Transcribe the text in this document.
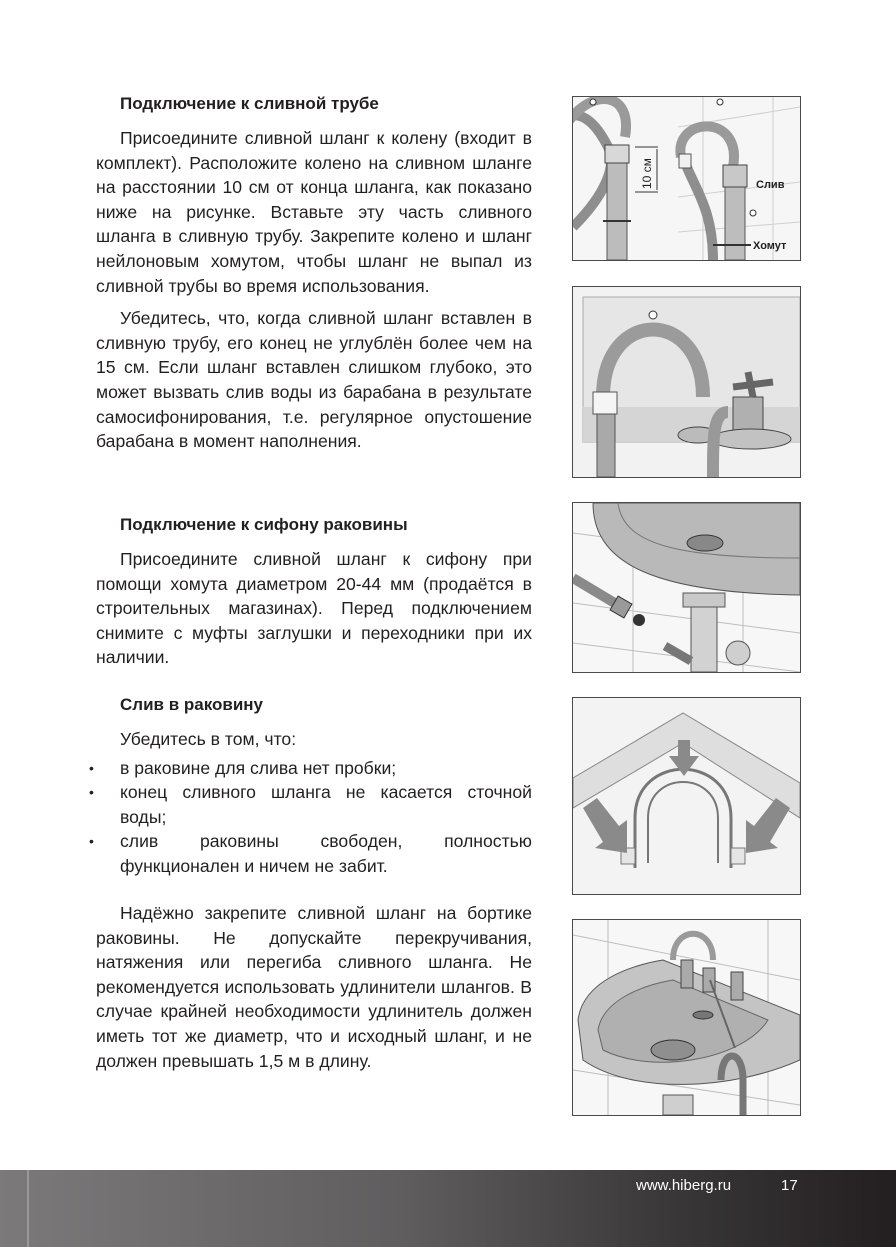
Подключение к сливной трубе

Присоедините сливной шланг к колену (входит в комплект). Расположите колено на сливном шланге на расстоянии 10 см от конца шланга, как показано ниже на рисунке. Вставьте эту часть сливного шланга в сливную трубу. Закрепите колено и шланг нейлоновым хомутом, чтобы шланг не выпал из сливной трубы во время использования.

Убедитесь, что, когда сливной шланг вставлен в сливную трубу, его конец не углублён более чем на 15 см. Если шланг вставлен слишком глубоко, это может вызвать слив воды из барабана в результате самосифонирования, т.е. регулярное опустошение барабана в момент наполнения.

Подключение к сифону раковины

Присоедините сливной шланг к сифону при помощи хомута диаметром 20-44 мм (продаётся в строительных магазинах). Перед подключением снимите с муфты заглушки и переходники при их наличии.

Слив в раковину

Убедитесь в том, что:

• в раковине для слива нет пробки;
• конец сливного шланга не касается сточной воды;
• слив раковины свободен, полностью функционален и ничем не забит.

Надёжно закрепите сливной шланг на бортике раковины. Не допускайте перекручивания, натяжения или перегиба сливного шланга. Не рекомендуется использовать удлинители шлангов. В случае крайней необходимости удлинитель должен иметь тот же диаметр, что и исходный шланг, и не должен превышать 1,5 м в длину.

10 см	Слив
Хомут
www.hiberg.ru	17
